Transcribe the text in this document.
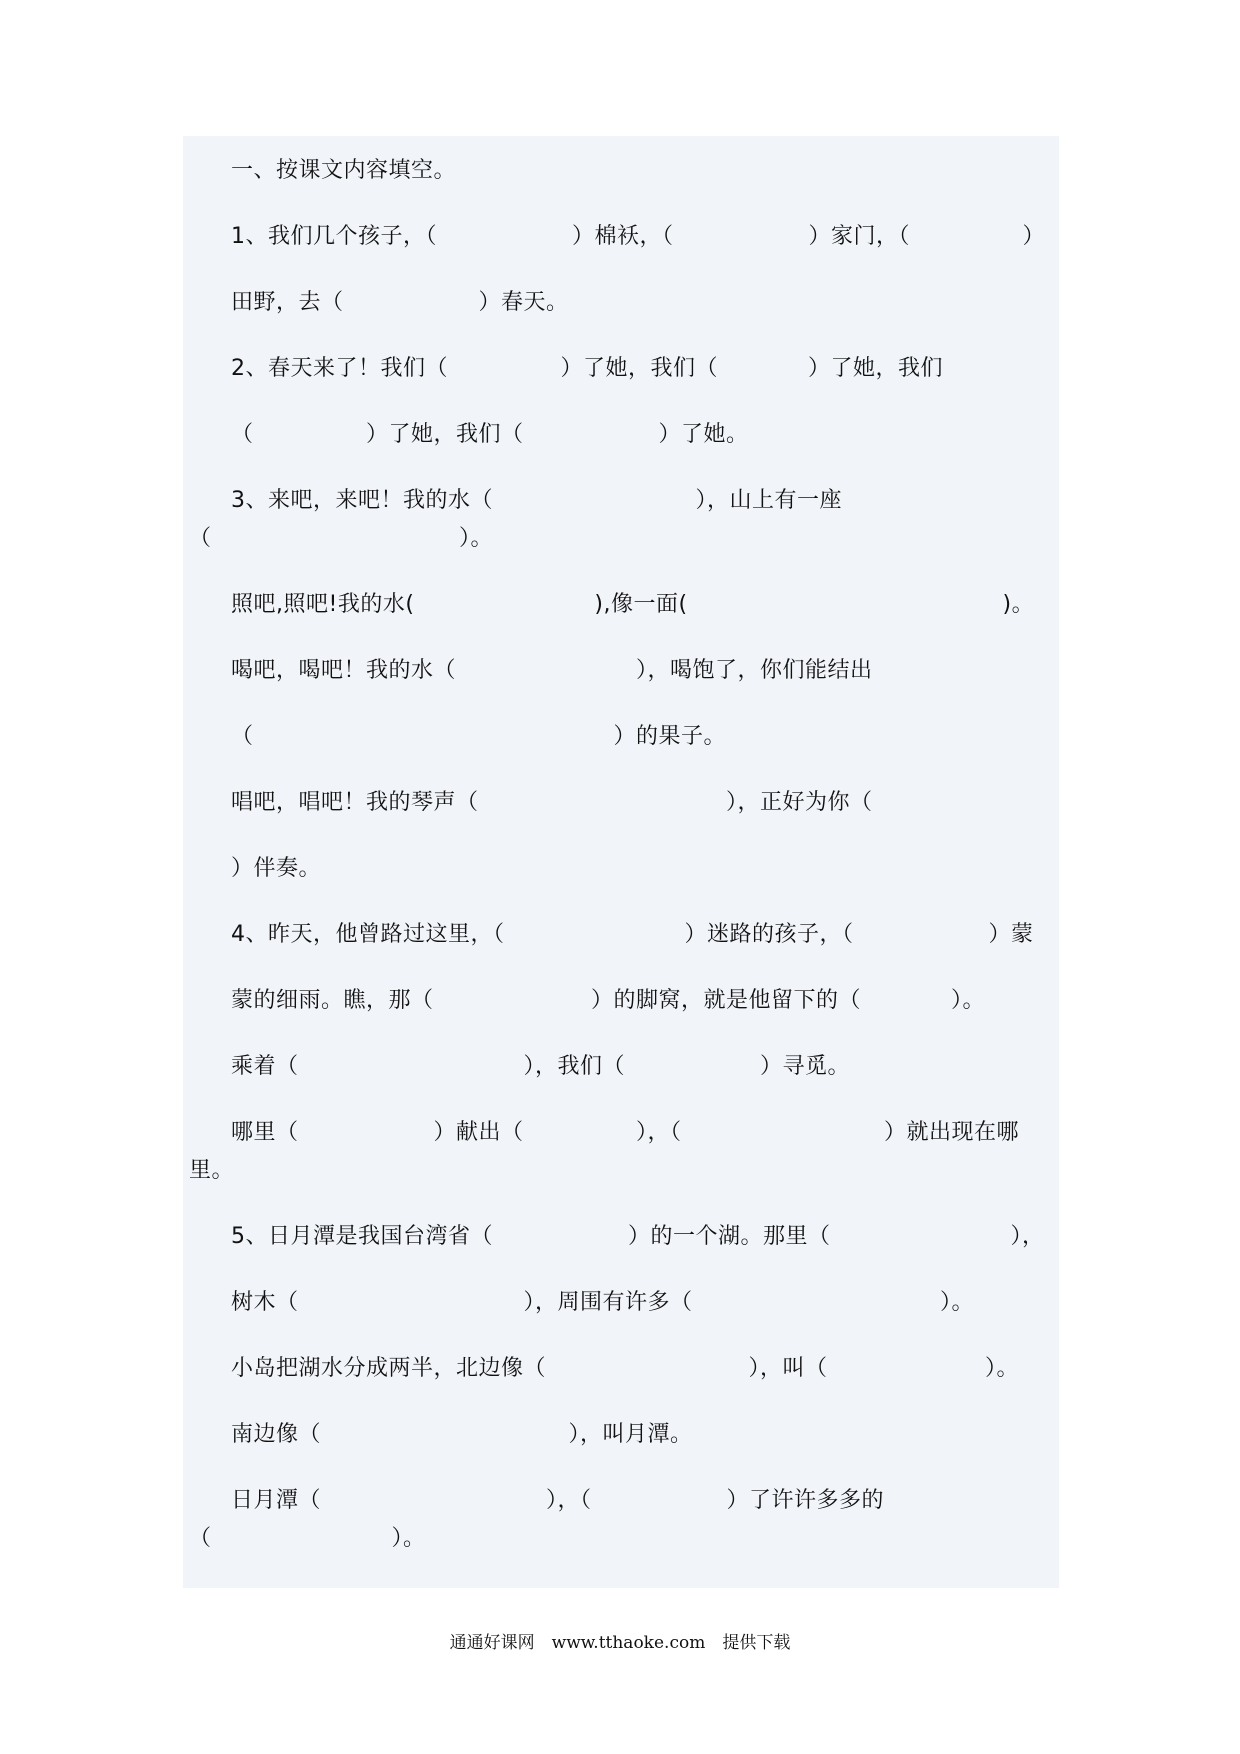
一、按课文内容填空。
1、我们几个孩子，（　　　　　　）棉袄，（　　　　　　）家门，（　　　　　）
田野，去（　　　　　　）春天。
2、春天来了！我们（　　　　　）了她，我们（　　　　）了她，我们
（　　　　　）了她，我们（　　　　　　）了她。
3、来吧，来吧！我的水（　　　　　　　　　），山上有一座
（　　　　　　　　　　　）。
照吧,照吧!我的水(　　　　　　　　),像一面(　　　　　　　　　　　　　　)。
喝吧，喝吧！我的水（　　　　　　　　），喝饱了，你们能结出
（　　　　　　　　　　　　　　　　）的果子。
唱吧，唱吧！我的琴声（　　　　　　　　　　　），正好为你（
）伴奏。
4、昨天，他曾路过这里，（　　　　　　　　）迷路的孩子，（　　　　　　）蒙
蒙的细雨。瞧，那（　　　　　　　）的脚窝，就是他留下的（　　　　）。
乘着（　　　　　　　　　　），我们（　　　　　　）寻觅。
哪里（　　　　　　）献出（　　　　　），（　　　　　　　　　）就出现在哪
里。
5、日月潭是我国台湾省（　　　　　　）的一个湖。那里（　　　　　　　　），
树木（　　　　　　　　　　），周围有许多（　　　　　　　　　　　）。
小岛把湖水分成两半，北边像（　　　　　　　　　），叫（　　　　　　　）。
南边像（　　　　　　　　　　　），叫月潭。
日月潭（　　　　　　　　　　），（　　　　　　）了许许多多的
（　　　　　　　　）。
通通好课网　www.tthaoke.com　提供下载
